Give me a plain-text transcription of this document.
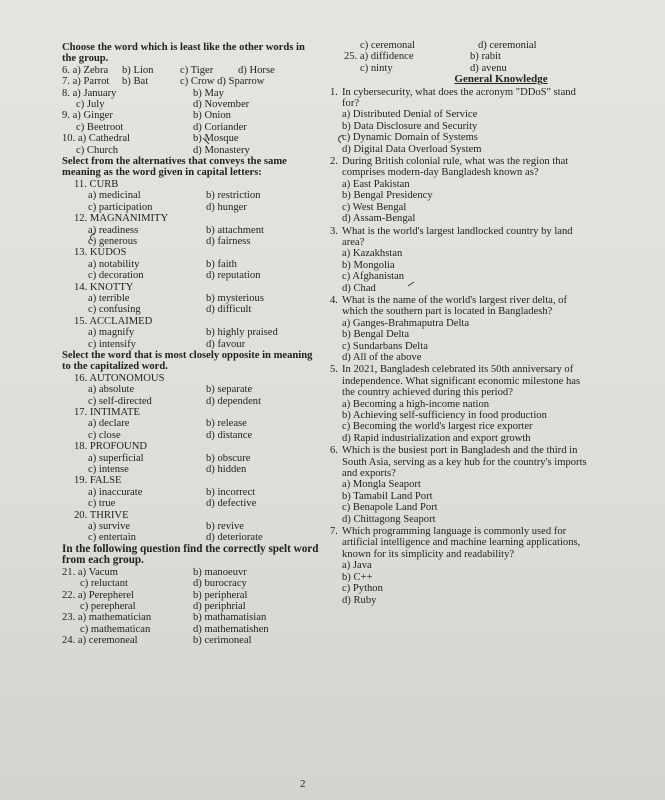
Choose the word which is least like the other words in the group.
6. a) Zebra	b) Lion	c) Tiger	d) Horse
7. a) Parrot	b) Bat	c) Crow d) Sparrow
8. a) January	b) May
c) July	d) November
9. a) Ginger	b) Onion
c) Beetroot	d) Coriander
10. a) Cathedral	b) Mosque
c) Church	d) Monastery
Select from the alternatives that conveys the same meaning as the word given in capital letters:
11. CURB
a) medicinal	b) restriction
c) participation	d) hunger
12. MAGNANIMITY
a) readiness	b) attachment
c) generous	d) fairness
13. KUDOS
a) notability	b) faith
c) decoration	d) reputation
14. KNOTTY
a) terrible	b) mysterious
c) confusing	d) difficult
15. ACCLAIMED
a) magnify	b) highly praised
c) intensify	d) favour
Select the word that is most closely opposite in meaning to the capitalized word.
16. AUTONOMOUS
a) absolute	b) separate
c) self-directed	d) dependent
17. INTIMATE
a) declare	b) release
c) close	d) distance
18. PROFOUND
a) superficial	b) obscure
c) intense	d) hidden
19. FALSE
a) inaccurate	b) incorrect
c) true	d) defective
20. THRIVE
a) survive	b) revive
c) entertain	d) deteriorate
In the following question find the correctly spelt word from each group.
21. a) Vacum	b) manoeuvr
c) reluctant	d) burocracy
22. a) Perepherel	b) peripheral
c) perepheral	d) periphrial
23. a) mathematician	b) mathamatisian
c) mathematican	d) mathematishen
24. a) ceremoneal	b) cerimoneal
c) ceremonal	d) ceremonial
25. a) diffidence	b) rabit
c) ninty	d) avenu
General Knowledge
1. In cybersecurity, what does the acronym "DDoS" stand for?
a) Distributed Denial of Service
b) Data Disclosure and Security
c) Dynamic Domain of Systems
d) Digital Data Overload System
2. During British colonial rule, what was the region that comprises modern-day Bangladesh known as?
a) East Pakistan
b) Bengal Presidency
c) West Bengal
d) Assam-Bengal
3. What is the world's largest landlocked country by land area?
a) Kazakhstan
b) Mongolia
c) Afghanistan
d) Chad
4. What is the name of the world's largest river delta, of which the southern part is located in Bangladesh?
a) Ganges-Brahmaputra Delta
b) Bengal Delta
c) Sundarbans Delta
d) All of the above
5. In 2021, Bangladesh celebrated its 50th anniversary of independence. What significant economic milestone has the country achieved during this period?
a) Becoming a high-income nation
b) Achieving self-sufficiency in food production
c) Becoming the world's largest rice exporter
d) Rapid industrialization and export growth
6. Which is the busiest port in Bangladesh and the third in South Asia, serving as a key hub for the country's imports and exports?
a) Mongla Seaport
b) Tamabil Land Port
c) Benapole Land Port
d) Chittagong Seaport
7. Which programming language is commonly used for artificial intelligence and machine learning applications, known for its simplicity and readability?
a) Java
b) C++
c) Python
d) Ruby
2
